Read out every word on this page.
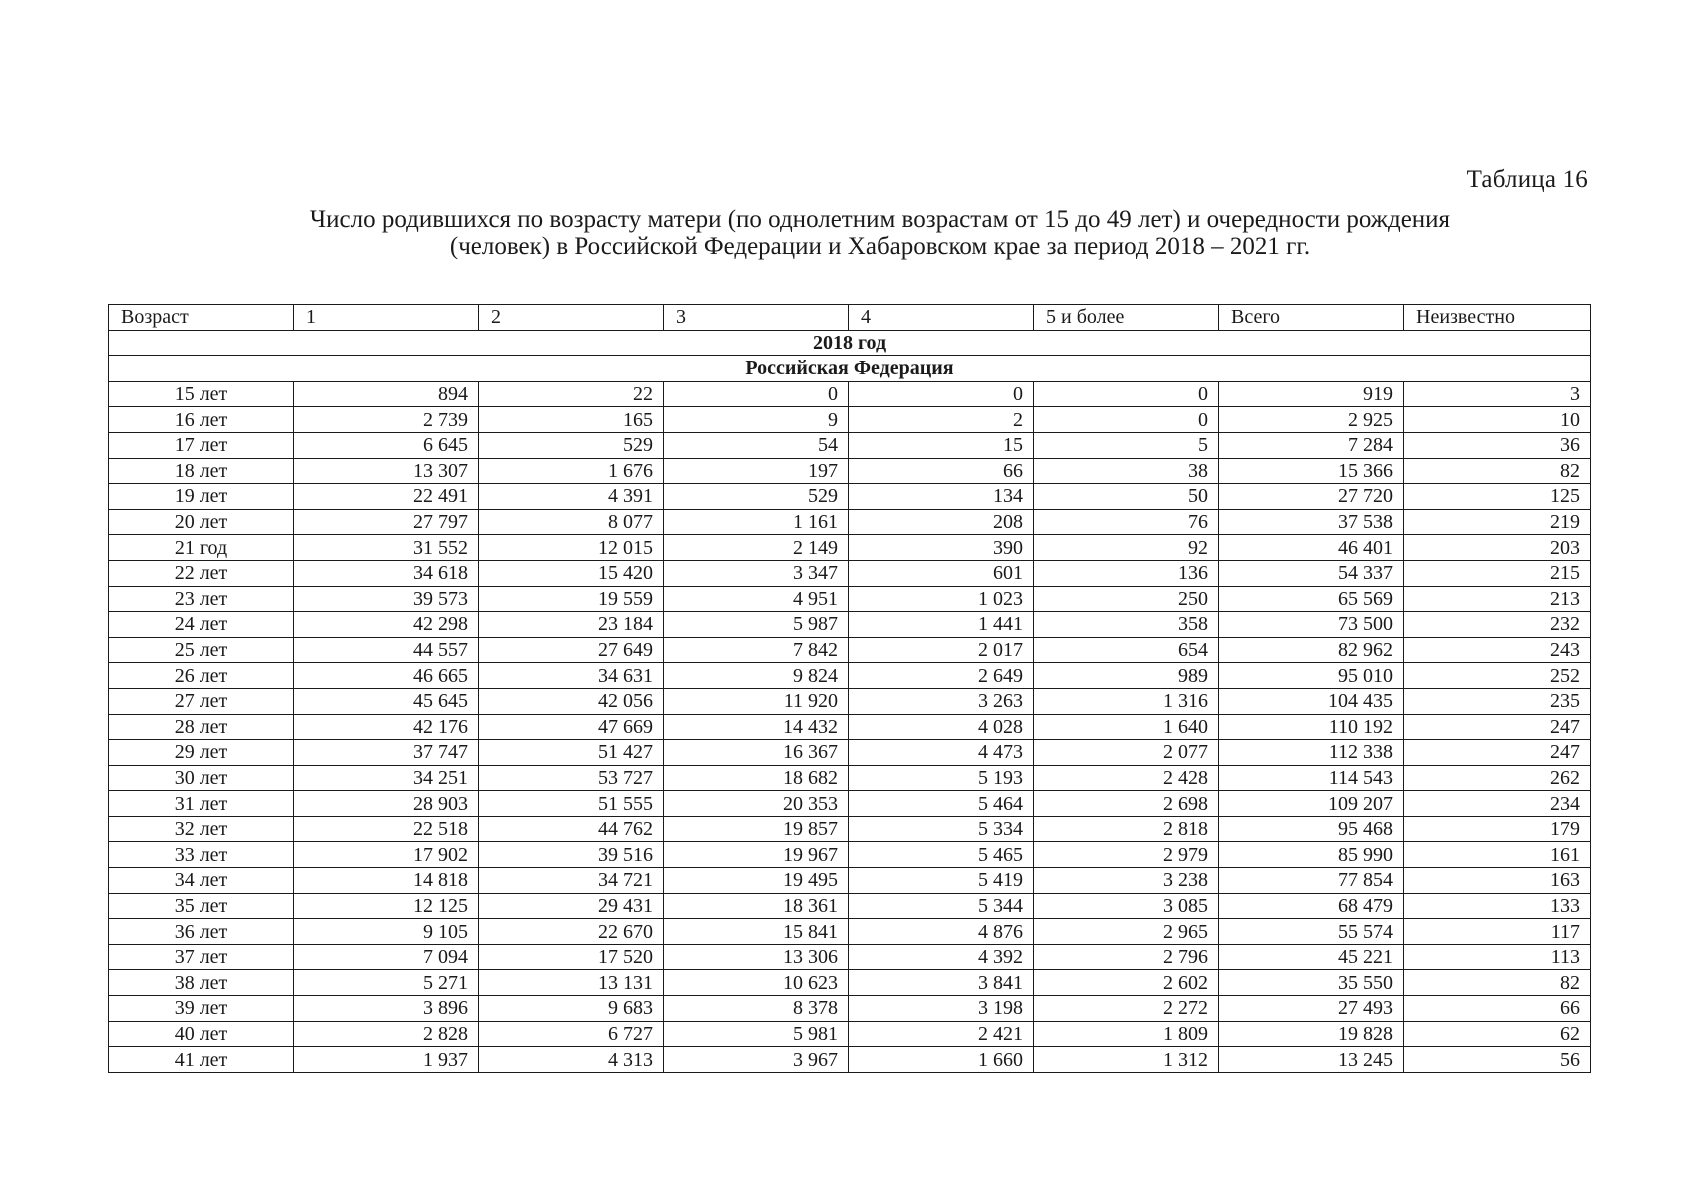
Таблица 16
Число родившихся по возрасту матери (по однолетним возрастам от 15 до 49 лет) и очередности рождения
(человек) в Российской Федерации и Хабаровском крае за период 2018 – 2021 гг.
Возраст	1	2	3	4	5 и более	Всего	Неизвестно
2018 год							
Российская Федерация							
15 лет	894	22	0	0	0	919	3
16 лет	2 739	165	9	2	0	2 925	10
17 лет	6 645	529	54	15	5	7 284	36
18 лет	13 307	1 676	197	66	38	15 366	82
19 лет	22 491	4 391	529	134	50	27 720	125
20 лет	27 797	8 077	1 161	208	76	37 538	219
21 год	31 552	12 015	2 149	390	92	46 401	203
22 лет	34 618	15 420	3 347	601	136	54 337	215
23 лет	39 573	19 559	4 951	1 023	250	65 569	213
24 лет	42 298	23 184	5 987	1 441	358	73 500	232
25 лет	44 557	27 649	7 842	2 017	654	82 962	243
26 лет	46 665	34 631	9 824	2 649	989	95 010	252
27 лет	45 645	42 056	11 920	3 263	1 316	104 435	235
28 лет	42 176	47 669	14 432	4 028	1 640	110 192	247
29 лет	37 747	51 427	16 367	4 473	2 077	112 338	247
30 лет	34 251	53 727	18 682	5 193	2 428	114 543	262
31 лет	28 903	51 555	20 353	5 464	2 698	109 207	234
32 лет	22 518	44 762	19 857	5 334	2 818	95 468	179
33 лет	17 902	39 516	19 967	5 465	2 979	85 990	161
34 лет	14 818	34 721	19 495	5 419	3 238	77 854	163
35 лет	12 125	29 431	18 361	5 344	3 085	68 479	133
36 лет	9 105	22 670	15 841	4 876	2 965	55 574	117
37 лет	7 094	17 520	13 306	4 392	2 796	45 221	113
38 лет	5 271	13 131	10 623	3 841	2 602	35 550	82
39 лет	3 896	9 683	8 378	3 198	2 272	27 493	66
40 лет	2 828	6 727	5 981	2 421	1 809	19 828	62
41 лет	1 937	4 313	3 967	1 660	1 312	13 245	56
